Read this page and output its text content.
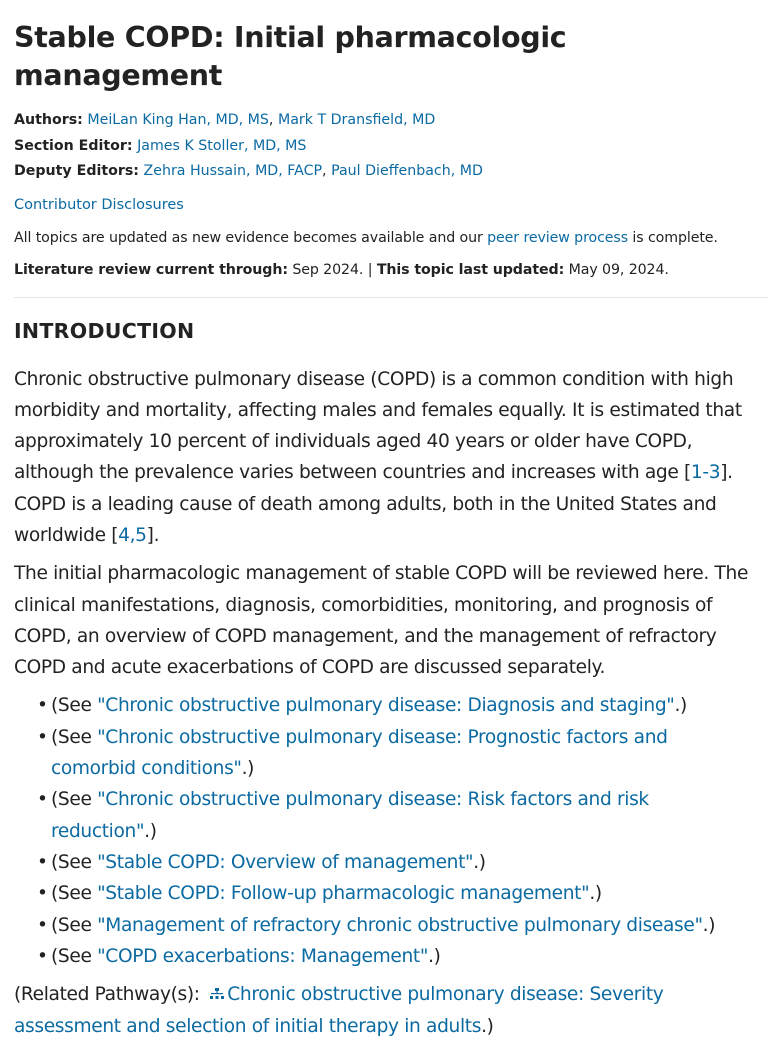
Stable COPD: Initial pharmacologic management
Authors: MeiLan King Han, MD, MS, Mark T Dransfield, MD
Section Editor: James K Stoller, MD, MS
Deputy Editors: Zehra Hussain, MD, FACP, Paul Dieffenbach, MD
Contributor Disclosures
All topics are updated as new evidence becomes available and our peer review process is complete.
Literature review current through: Sep 2024. | This topic last updated: May 09, 2024.
INTRODUCTION

Chronic obstructive pulmonary disease (COPD) is a common condition with high morbidity and mortality, affecting males and females equally. It is estimated that approximately 10 percent of individuals aged 40 years or older have COPD, although the prevalence varies between countries and increases with age [1-3]. COPD is a leading cause of death among adults, both in the United States and worldwide [4,5].

The initial pharmacologic management of stable COPD will be reviewed here. The clinical manifestations, diagnosis, comorbidities, monitoring, and prognosis of COPD, an overview of COPD management, and the management of refractory COPD and acute exacerbations of COPD are discussed separately.

• (See "Chronic obstructive pulmonary disease: Diagnosis and staging".)
• (See "Chronic obstructive pulmonary disease: Prognostic factors and comorbid conditions".)
• (See "Chronic obstructive pulmonary disease: Risk factors and risk reduction".)
• (See "Stable COPD: Overview of management".)
• (See "Stable COPD: Follow-up pharmacologic management".)
• (See "Management of refractory chronic obstructive pulmonary disease".)
• (See "COPD exacerbations: Management".)

(Related Pathway(s): Chronic obstructive pulmonary disease: Severity assessment and selection of initial therapy in adults.)
